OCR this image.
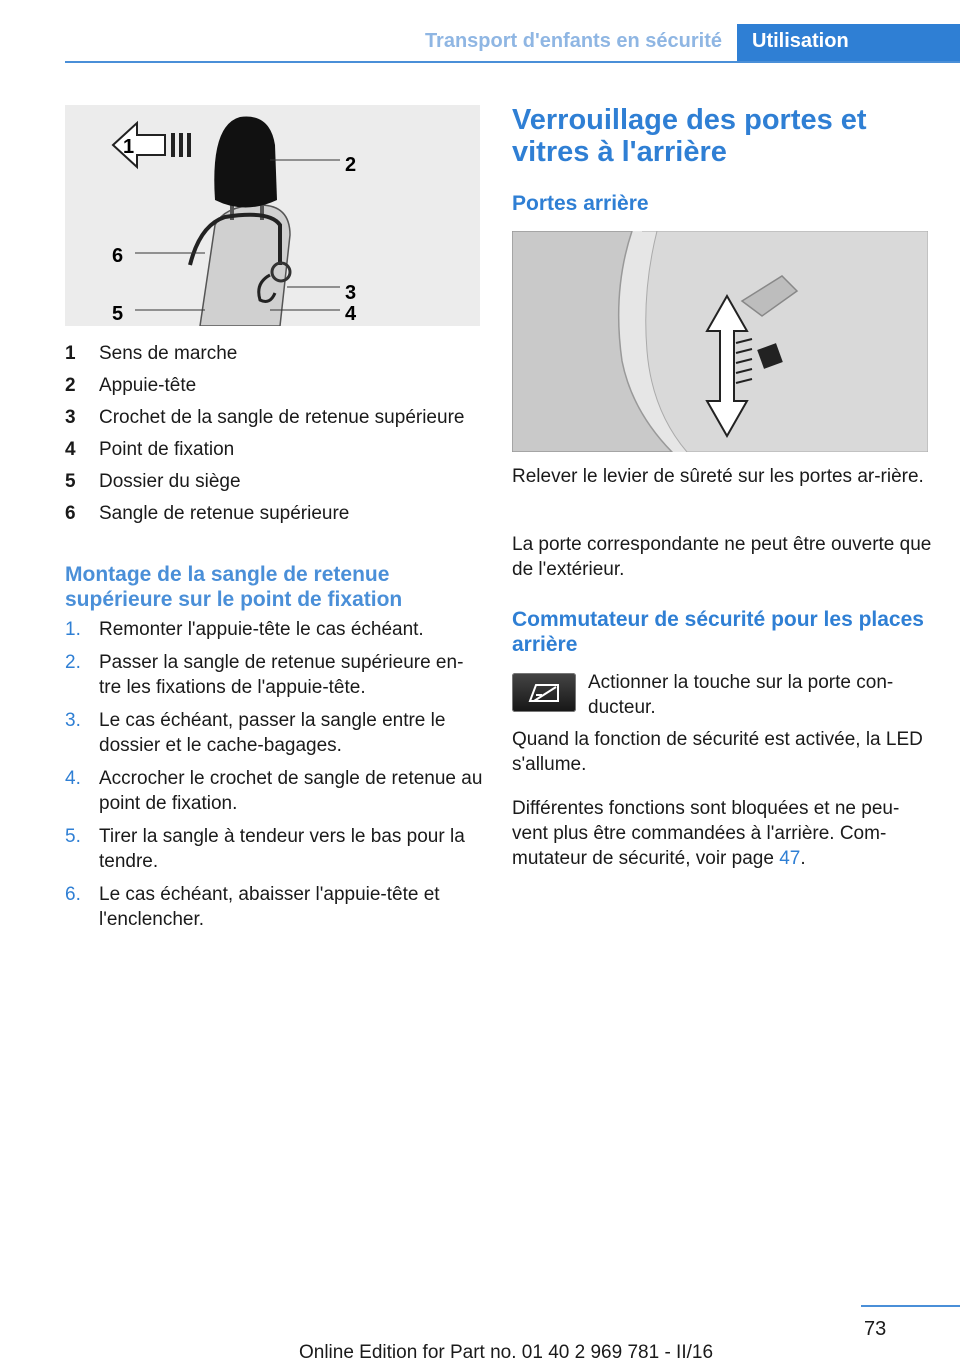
Transport d'enfants en sécurité	Utilisation
1
2
3
4
5
6
1	Sens de marche
2	Appuie-tête
3	Crochet de la sangle de retenue supérieure
4	Point de fixation
5	Dossier du siège
6	Sangle de retenue supérieure
Montage de la sangle de retenue supérieure sur le point de fixation
1. Remonter l'appuie-tête le cas échéant.
2. Passer la sangle de retenue supérieure en-tre les fixations de l'appuie-tête.
3. Le cas échéant, passer la sangle entre le dossier et le cache-bagages.
4. Accrocher le crochet de sangle de retenue au point de fixation.
5. Tirer la sangle à tendeur vers le bas pour la tendre.
6. Le cas échéant, abaisser l'appuie-tête et l'enclencher.
Verrouillage des portes et vitres à l'arrière
Portes arrière
Relever le levier de sûreté sur les portes ar-rière.
La porte correspondante ne peut être ouverte que de l'extérieur.
Commutateur de sécurité pour les places arrière
Actionner la touche sur la porte con-ducteur.
Quand la fonction de sécurité est activée, la LED s'allume.
Différentes fonctions sont bloquées et ne peu-vent plus être commandées à l'arrière. Com-mutateur de sécurité, voir page 47.
73
Online Edition for Part no. 01 40 2 969 781 - II/16
